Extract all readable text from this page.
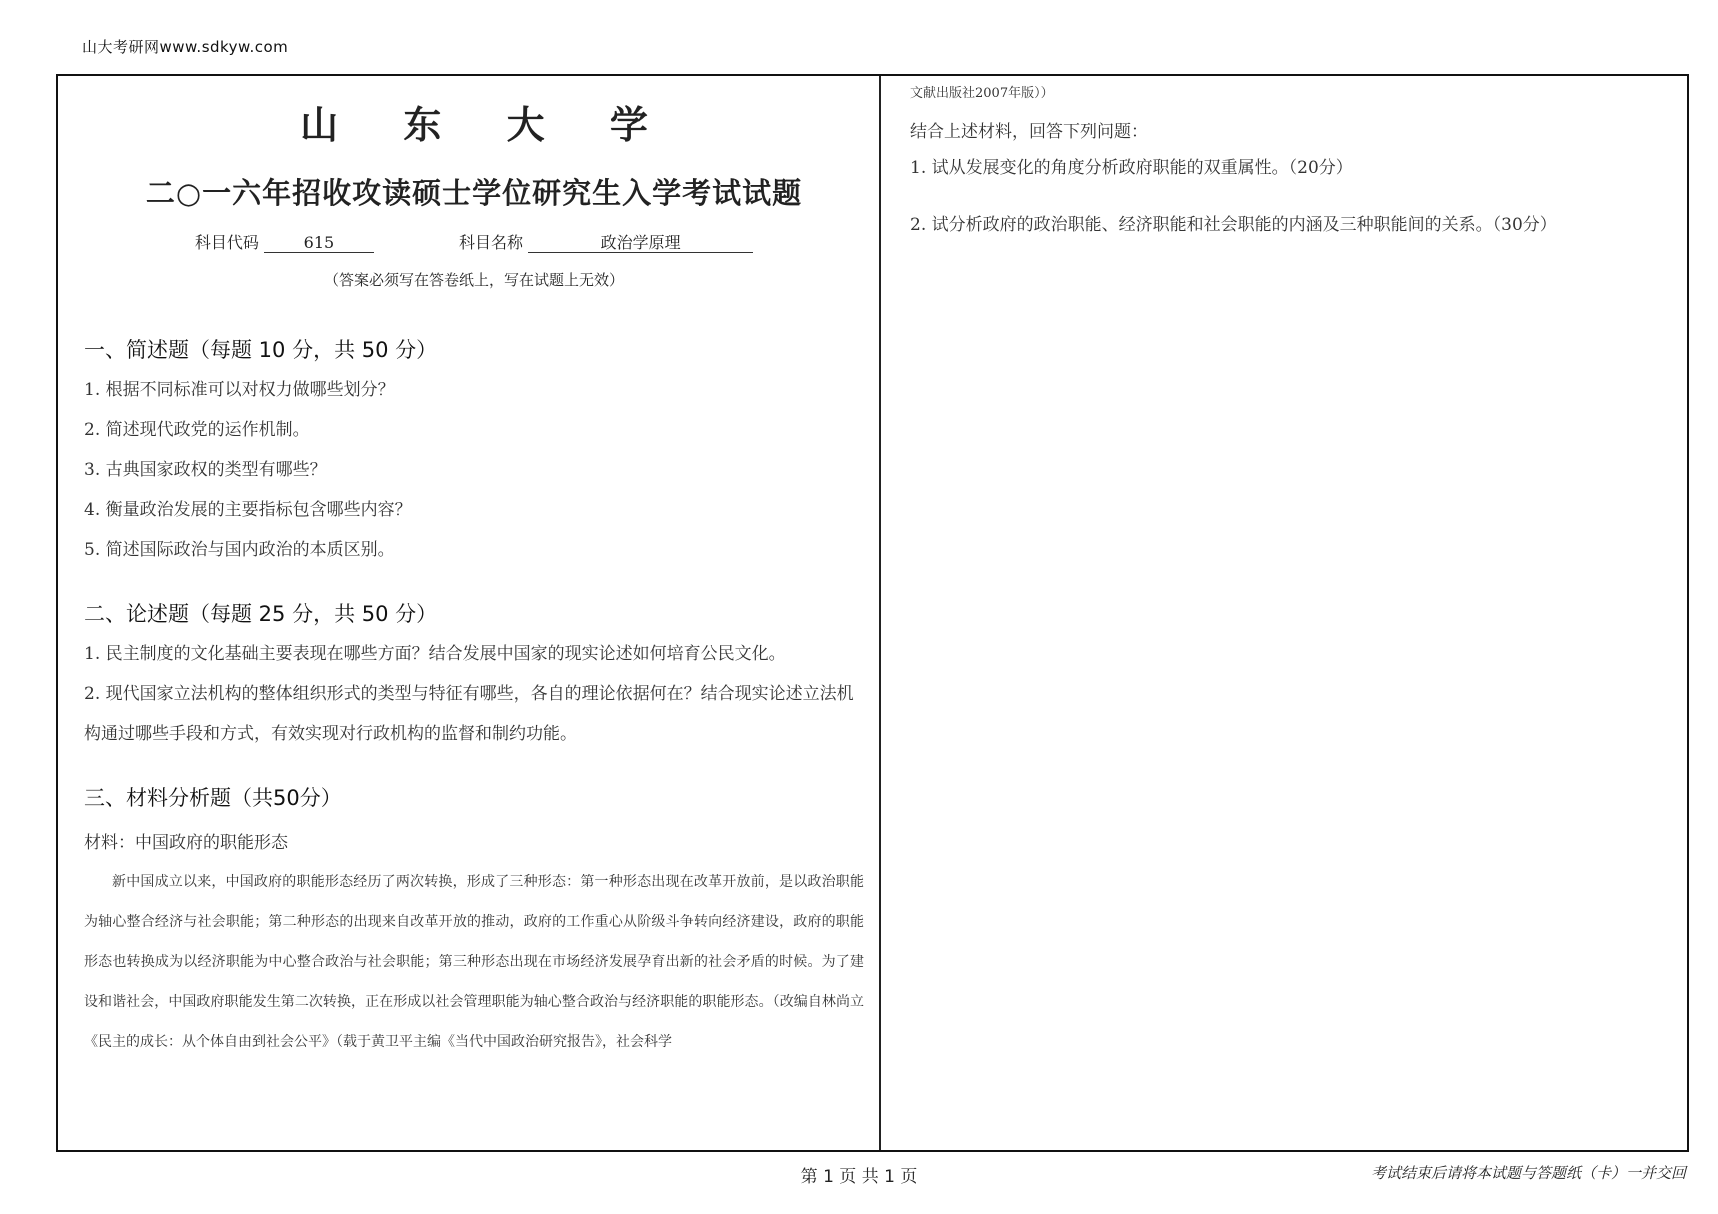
山大考研网www.sdkyw.com
山 东 大 学
二○一六年招收攻读硕士学位研究生入学考试试题
科目代码	615	科目名称	政治学原理
（答案必须写在答卷纸上，写在试题上无效）
一、简述题（每题 10 分，共 50 分）

1. 根据不同标准可以对权力做哪些划分？

2. 简述现代政党的运作机制。

3. 古典国家政权的类型有哪些？

4. 衡量政治发展的主要指标包含哪些内容？

5. 简述国际政治与国内政治的本质区别。

二、论述题（每题 25 分，共 50 分）

1. 民主制度的文化基础主要表现在哪些方面？结合发展中国家的现实论述如何培育公民文化。

2. 现代国家立法机构的整体组织形式的类型与特征有哪些，各自的理论依据何在？结合现实论述立法机构通过哪些手段和方式，有效实现对行政机构的监督和制约功能。

三、材料分析题（共50分）
材料：中国政府的职能形态
新中国成立以来，中国政府的职能形态经历了两次转换，形成了三种形态：第一种形态出现在改革开放前，是以政治职能为轴心整合经济与社会职能；第二种形态的出现来自改革开放的推动，政府的工作重心从阶级斗争转向经济建设，政府的职能形态也转换成为以经济职能为中心整合政治与社会职能；第三种形态出现在市场经济发展孕育出新的社会矛盾的时候。为了建设和谐社会，中国政府职能发生第二次转换，正在形成以社会管理职能为轴心整合政治与经济职能的职能形态。（改编自林尚立《民主的成长：从个体自由到社会公平》（载于黄卫平主编《当代中国政治研究报告》，社会科学
文献出版社2007年版））
结合上述材料，回答下列问题：

1. 试从发展变化的角度分析政府职能的双重属性。（20分）

2. 试分析政府的政治职能、经济职能和社会职能的内涵及三种职能间的关系。（30分）

第 1 页 共 1 页	考试结束后请将本试题与答题纸（卡）一并交回
